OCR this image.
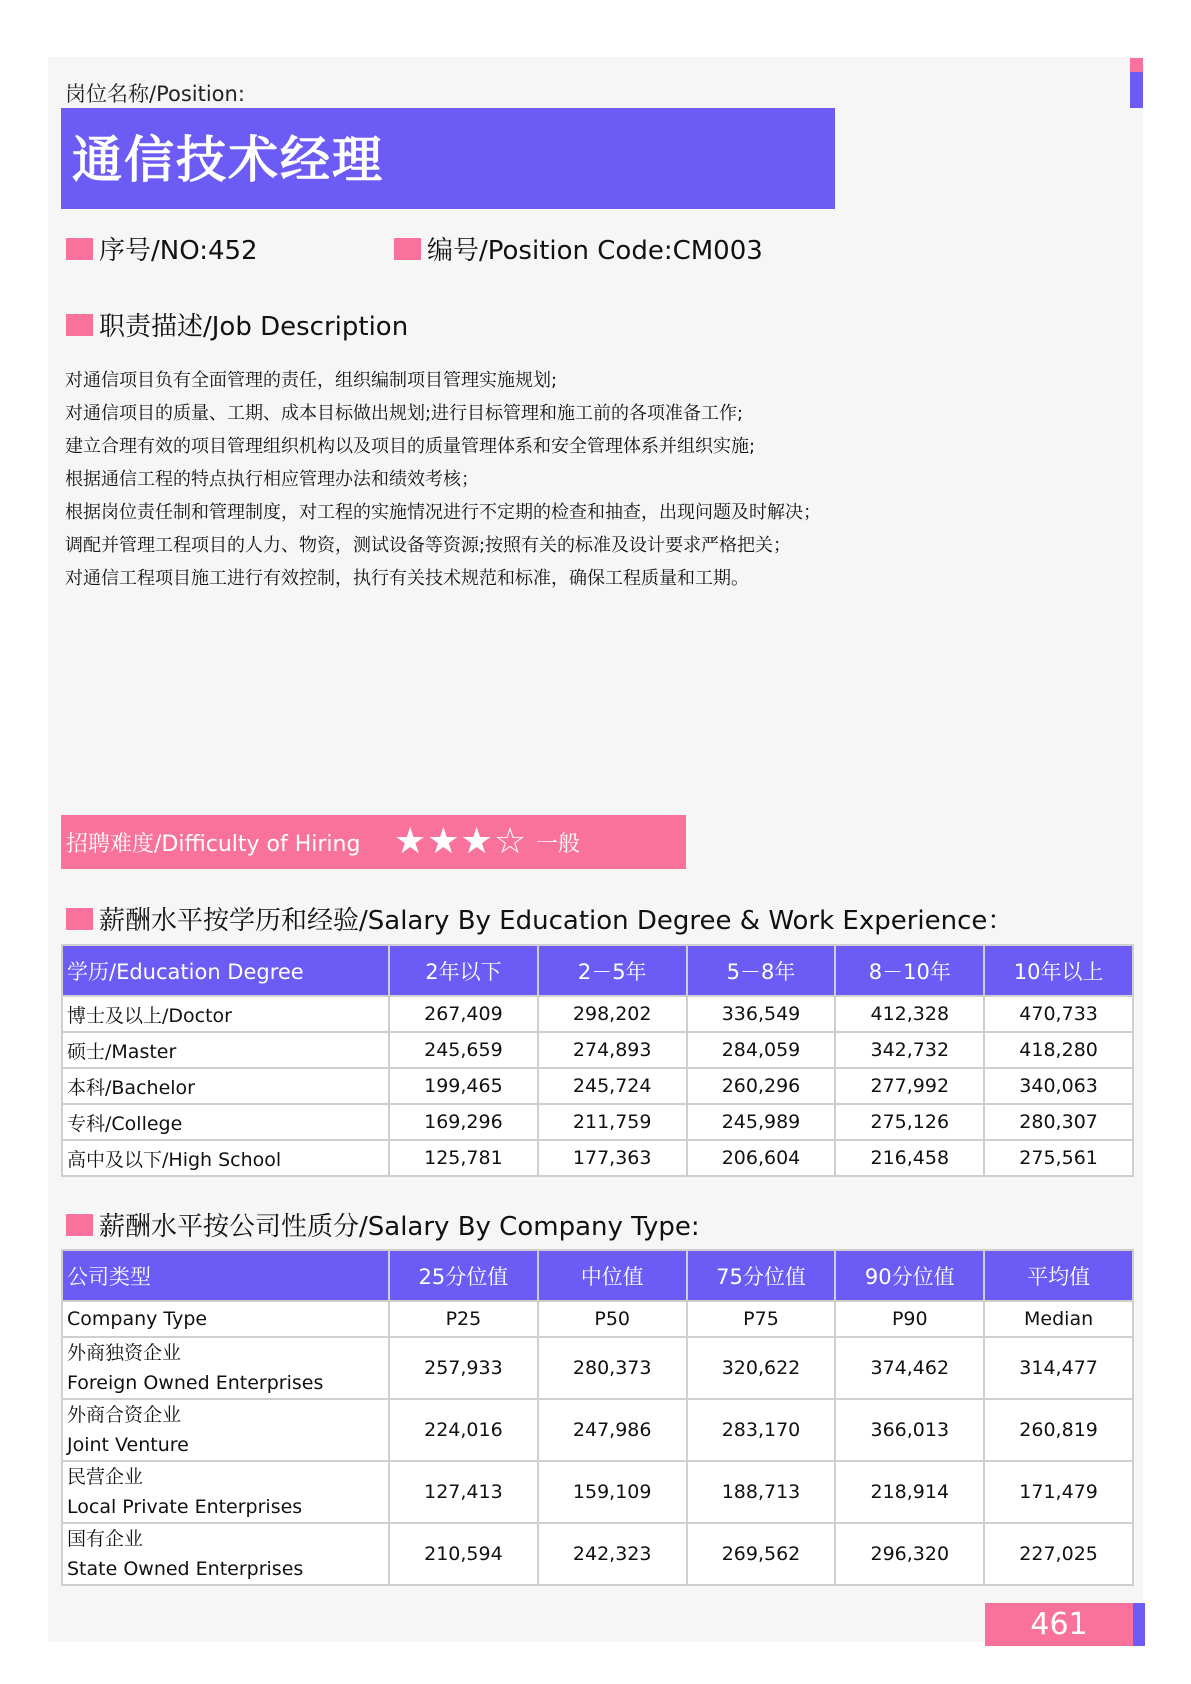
岗位名称/Position:
通信技术经理
序号/NO:452	编号/Position Code:CM003
职责描述/Job Description
对通信项目负有全面管理的责任，组织编制项目管理实施规划;
对通信项目的质量、工期、成本目标做出规划;进行目标管理和施工前的各项准备工作;
建立合理有效的项目管理组织机构以及项目的质量管理体系和安全管理体系并组织实施;
根据通信工程的特点执行相应管理办法和绩效考核；
根据岗位责任制和管理制度，对工程的实施情况进行不定期的检查和抽查，出现问题及时解决；
调配并管理工程项目的人力、物资，测试设备等资源;按照有关的标准及设计要求严格把关；
对通信工程项目施工进行有效控制，执行有关技术规范和标准，确保工程质量和工期。
招聘难度/Difficulty of Hiring ★★★☆ 一般
薪酬水平按学历和经验/Salary By Education Degree & Work Experience：
学历/Education Degree	2年以下	2－5年	5－8年	8－10年	10年以上
博士及以上/Doctor	267,409	298,202	336,549	412,328	470,733
硕士/Master	245,659	274,893	284,059	342,732	418,280
本科/Bachelor	199,465	245,724	260,296	277,992	340,063
专科/College	169,296	211,759	245,989	275,126	280,307
高中及以下/High School	125,781	177,363	206,604	216,458	275,561
薪酬水平按公司性质分/Salary By Company Type:
公司类型	25分位值	中位值	75分位值	90分位值	平均值
Company Type	P25	P50	P75	P90	Median

外商独资企业
Foreign Owned Enterprises	257,933	280,373	320,622	374,462	314,477

外商合资企业
Joint Venture	224,016	247,986	283,170	366,013	260,819

民营企业
Local Private Enterprises	127,413	159,109	188,713	218,914	171,479

国有企业
State Owned Enterprises	210,594	242,323	269,562	296,320	227,025
461
